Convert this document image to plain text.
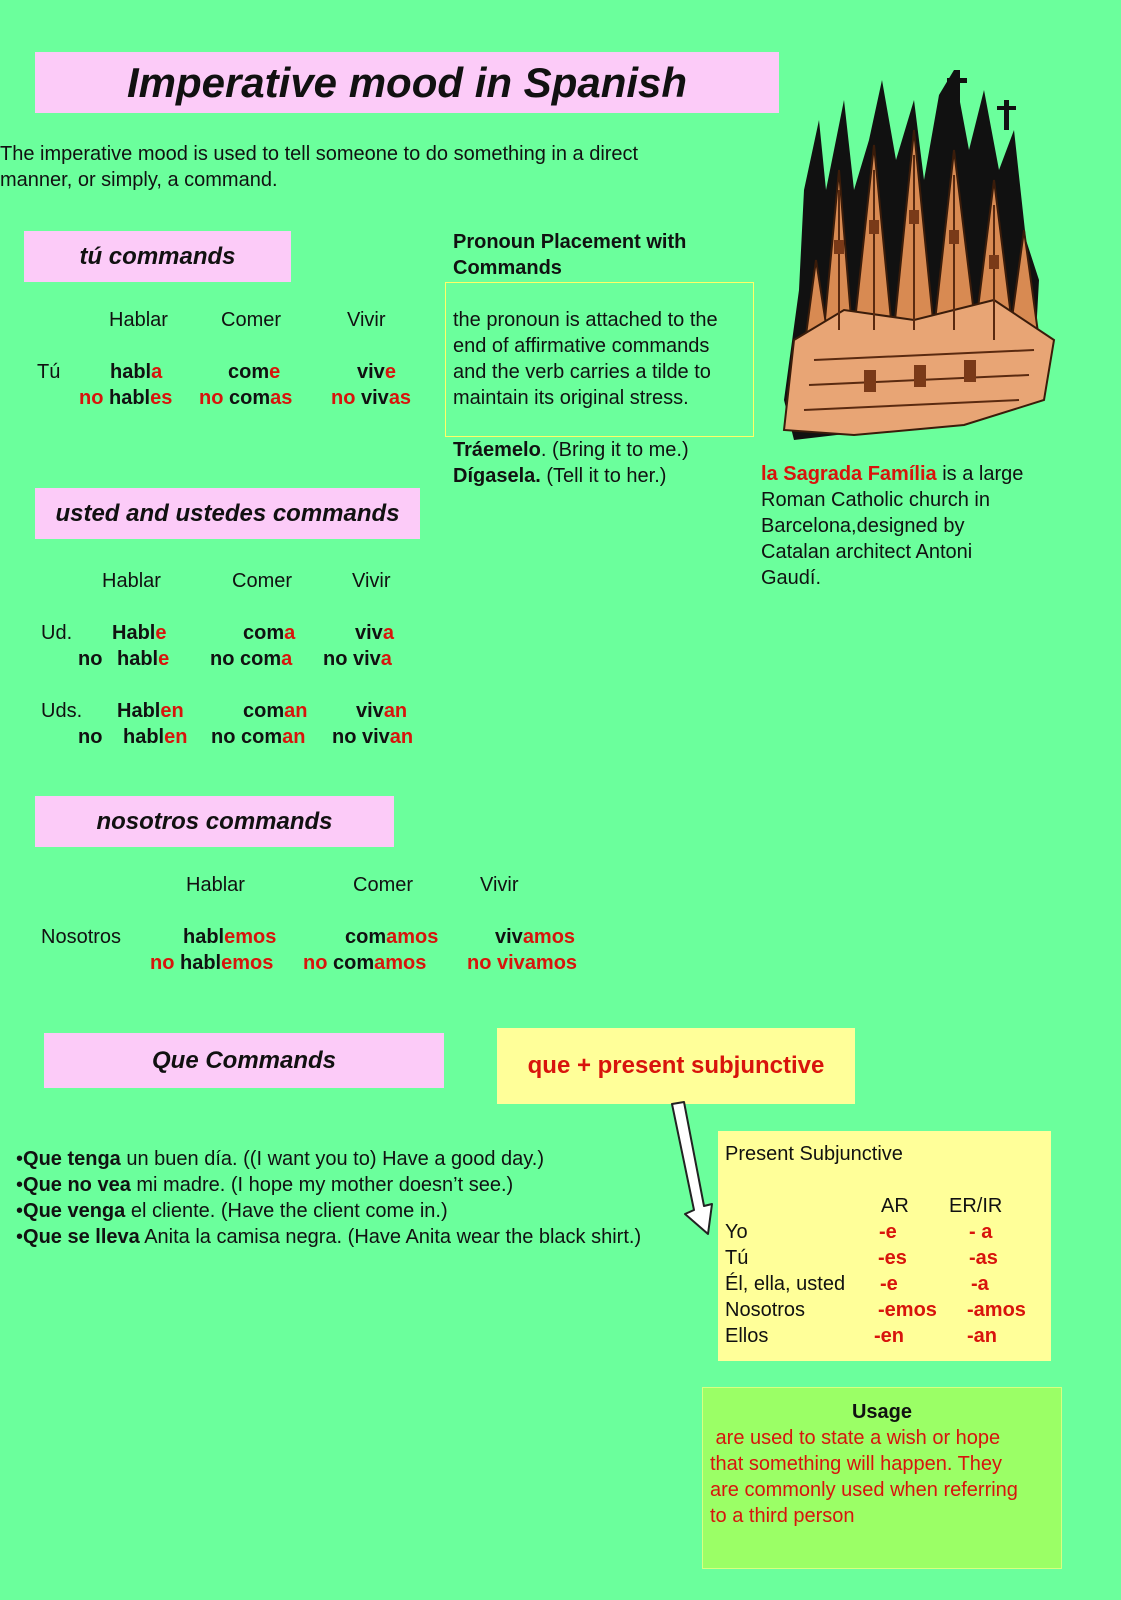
Imperative mood in Spanish
The imperative mood is used to tell someone to do something in a direct
manner, or simply, a command.
tú commands
Hablar	Comer	Vivir
Tú habla	come	vive
no hables no comas no vivas
Pronoun Placement with
Commands
the pronoun is attached to the
end of affirmative commands
and the verb carries a tilde to
maintain its original stress.
Tráemelo. (Bring it to me.)
Dígasela. (Tell it to her.)	la Sagrada Família is a large
Roman Catholic church in
Barcelona,designed by
Catalan architect Antoni
Gaudí.
usted and ustedes commands
Hablar	Comer	Vivir
Ud. Hable	coma	viva
no hable no coma no viva
Uds. Hablen	coman vivan
no hablen no coman no vivan
nosotros commands
Hablar	Comer	Vivir
Nosotros	hablemos	comamos	vivamos
no hablemos no comamos no vivamos
Que Commands	que + present subjunctive
•Que tenga un buen día. ((I want you to) Have a good day.)
•Que no vea mi madre. (I hope my mother doesn’t see.)
•Que venga el cliente. (Have the client come in.)
•Que se lleva Anita la camisa negra. (Have Anita wear the black shirt.)
Present Subjunctive
AR ER/IR
Yo	-e	- a
Tú	-es	-as
Él, ella, usted -e	-a
Nosotros	-emos -amos
Ellos	-en	-an
Usage
are used to state a wish or hope
that something will happen. They
are commonly used when referring
to a third person
